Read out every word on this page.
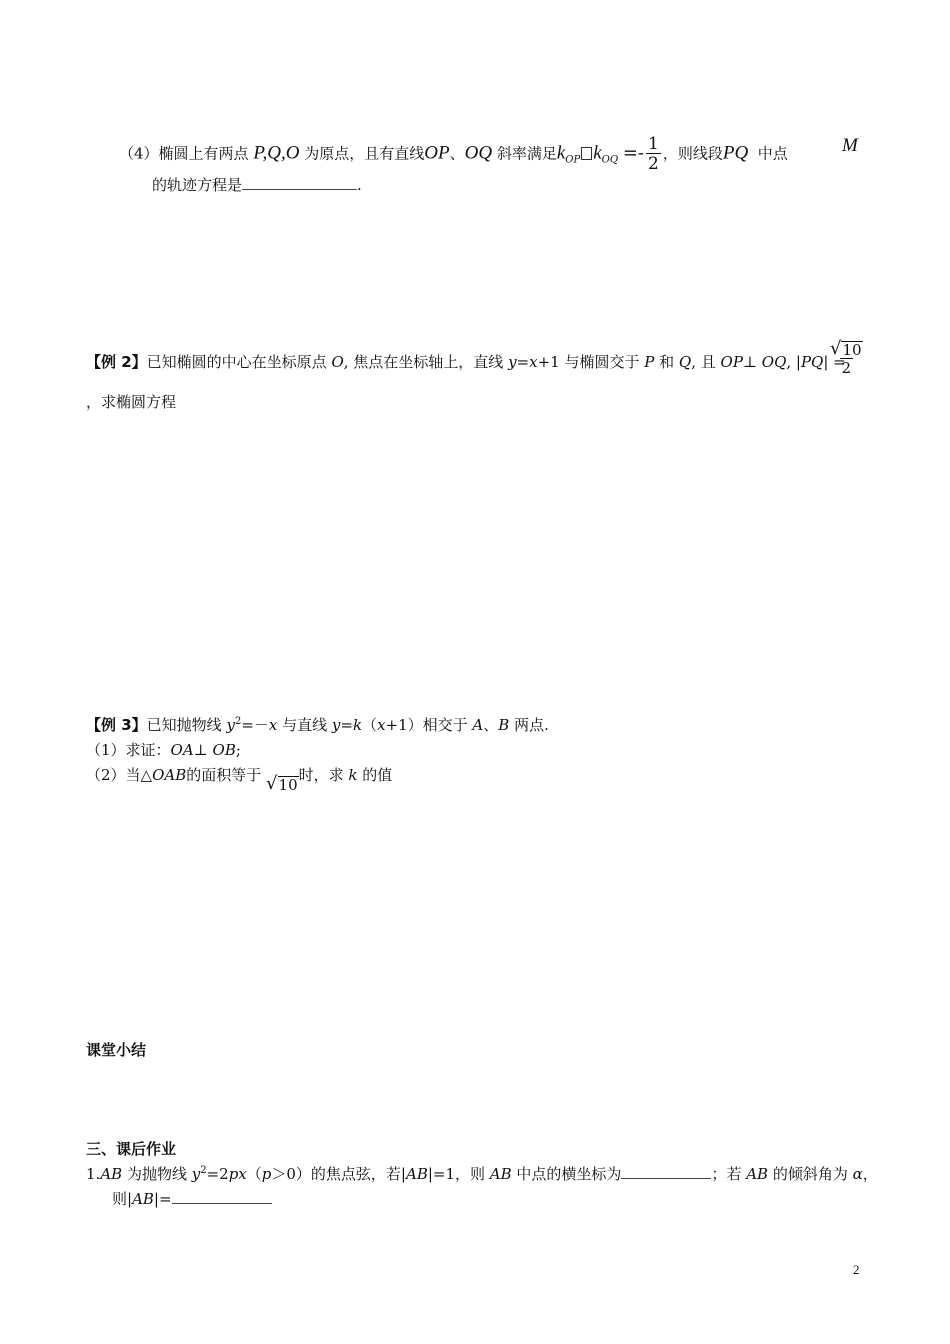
（4）椭圆上有两点 P,Q,O 为原点，且有直线OP、OQ 斜率满足$k_{OP}$ $k_{OQ} =- \frac{1}{2}$ ，则线段PQ 中点	M
的轨迹方程是	.
【例 2】已知椭圆的中心在坐标原点 O, 焦点在坐标轴上，直线 y=x+1 与椭圆交于 P 和 Q, 且 OP⊥ OQ, |PQ| =
$\frac{√ 10}{2}$
，求椭圆方程
【例 3】已知抛物线 $y^2=-x$ 与直线 y=k（x+1）相交于 A、B 两点.
（1）求证：OA⊥ OB;
（2）当△OAB的面积等于 √ 10
时，求 k 的值
课堂小结
三、课后作业
1.AB 为抛物线 $y^2=2px(p>0)$的焦点弦，若|AB|=1，则 AB 中点的横坐标为	；若 AB 的倾斜角为 α，
则|AB|=
2
